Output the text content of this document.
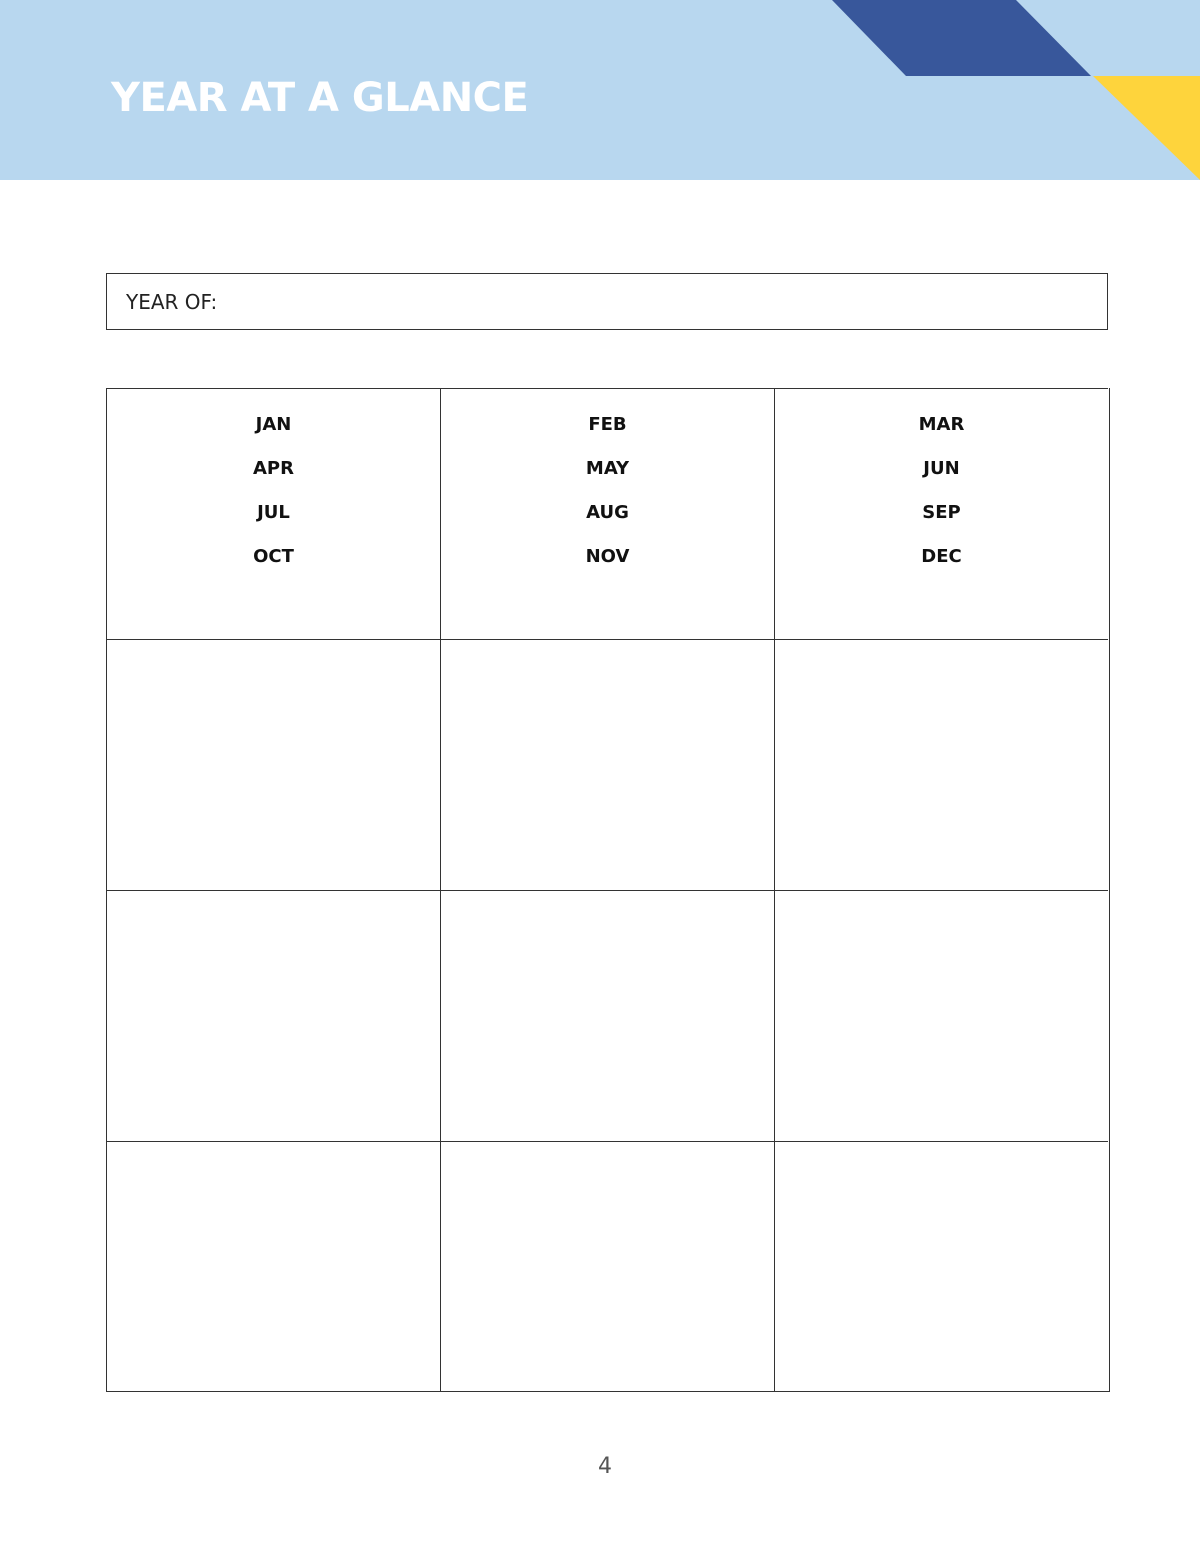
YEAR AT A GLANCE
YEAR OF:
JAN
APR
JUL
OCT
FEB
MAY
AUG
NOV
MAR
JUN
SEP
DEC
4
